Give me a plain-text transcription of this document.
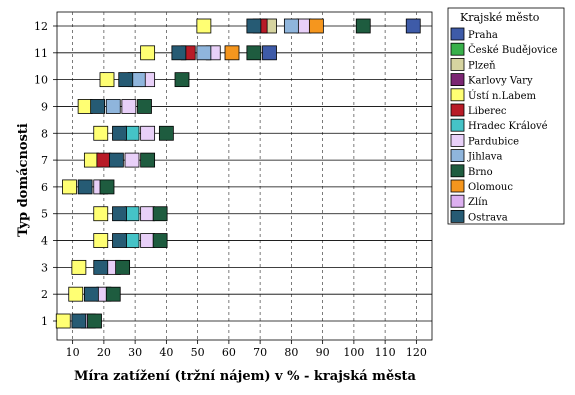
10 20 30 40 50 60 70 80 90 100 110 120
1
2
3
4
5
6
7
8
9
10
11
12
Míra zatížení (tržní nájem) v % - krajská města
Typ domácnosti
Krajské město
Praha
České Budějovice
Plzeň
Karlovy Vary
Ústí n.Labem
Liberec
Hradec Králové
Pardubice
Jihlava
Brno
Olomouc
Zlín
Ostrava
